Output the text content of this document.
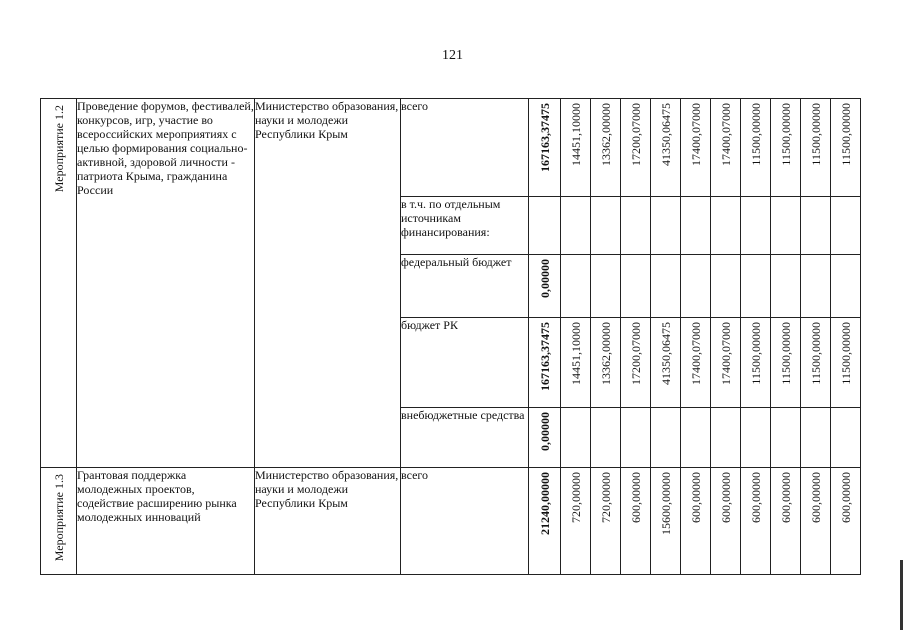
121
Мероприятие 1.2	Проведение форумов, фестивалей, конкурсов, игр, участие во всероссийских мероприятиях с целью формирования социально-активной, здоровой личности - патриота Крыма, гражданина России	Министерство образования, науки и молодежи Республики Крым	всего	167163,37475	14451,10000	13362,00000	17200,07000	41350,06475	17400,07000	17400,07000	11500,00000	11500,00000	11500,00000	11500,00000

			в т.ч. по отдельным источникам финансирования:	

			федеральный бюджет	0,00000										

			бюджет РК	167163,37475	14451,10000	13362,00000	17200,07000	41350,06475	17400,07000	17400,07000	11500,00000	11500,00000	11500,00000	11500,00000

			внебюджетные средства	0,00000										

Мероприятие 1.3	Грантовая поддержка молодежных проектов, содействие расширению рынка молодежных инноваций	Министерство образования, науки и молодежи Республики Крым	всего	21240,00000	720,00000	720,00000	600,00000	15600,00000	600,00000	600,00000	600,00000	600,00000	600,00000	600,00000
